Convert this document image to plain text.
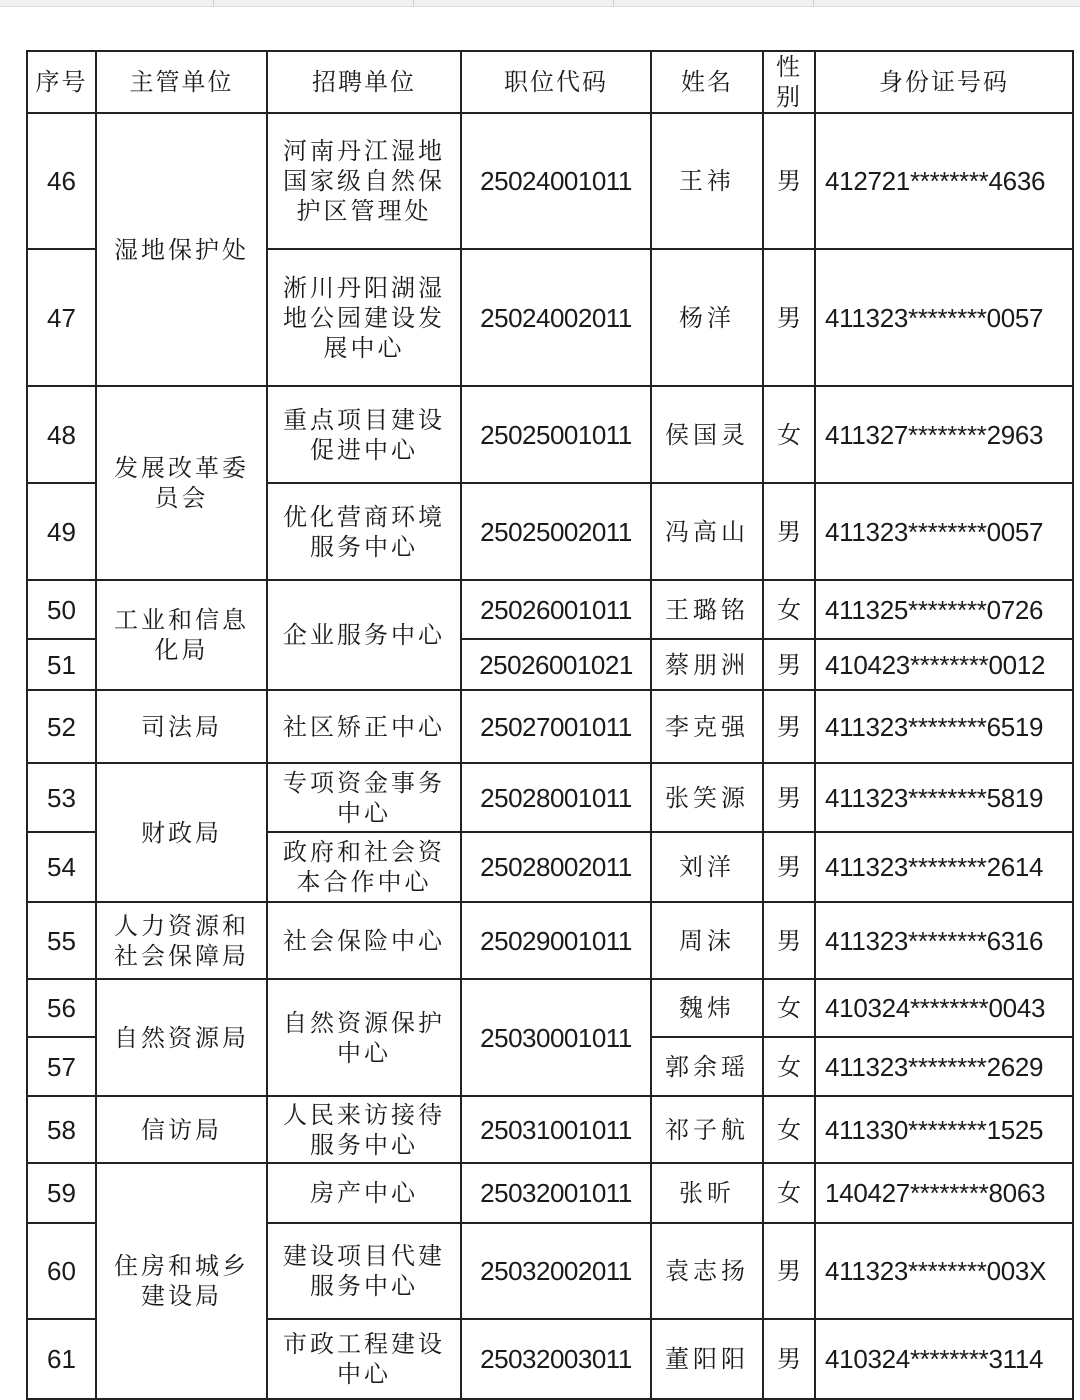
序号	主管单位	招聘单位	职位代码	姓名	性别	身份证号码
46	湿地保护处	河南丹江湿地国家级自然保护区管理处	25024001011	王祎	男	412721********4636
47		淅川丹阳湖湿地公园建设发展中心	25024002011	杨洋	男	411323********0057
48	发展改革委员会	重点项目建设促进中心	25025001011	侯国灵	女	411327********2963
49		优化营商环境服务中心	25025002011	冯高山	男	411323********0057
50	工业和信息化局	企业服务中心	25026001011	王璐铭	女	411325********0726
51			25026001021	蔡朋洲	男	410423********0012
52	司法局	社区矫正中心	25027001011	李克强	男	411323********6519
53	财政局	专项资金事务中心	25028001011	张笑源	男	411323********5819
54		政府和社会资本合作中心	25028002011	刘洋	男	411323********2614
55	人力资源和社会保障局	社会保险中心	25029001011	周沫	男	411323********6316
56	自然资源局	自然资源保护中心	25030001011	魏炜	女	410324********0043
57				郭余瑶	女	411323********2629
58	信访局	人民来访接待服务中心	25031001011	祁子航	女	411330********1525
59	住房和城乡建设局	房产中心	25032001011	张昕	女	140427********8063
60		建设项目代建服务中心	25032002011	袁志扬	男	411323********003X
61		市政工程建设中心	25032003011	董阳阳	男	410324********3114
